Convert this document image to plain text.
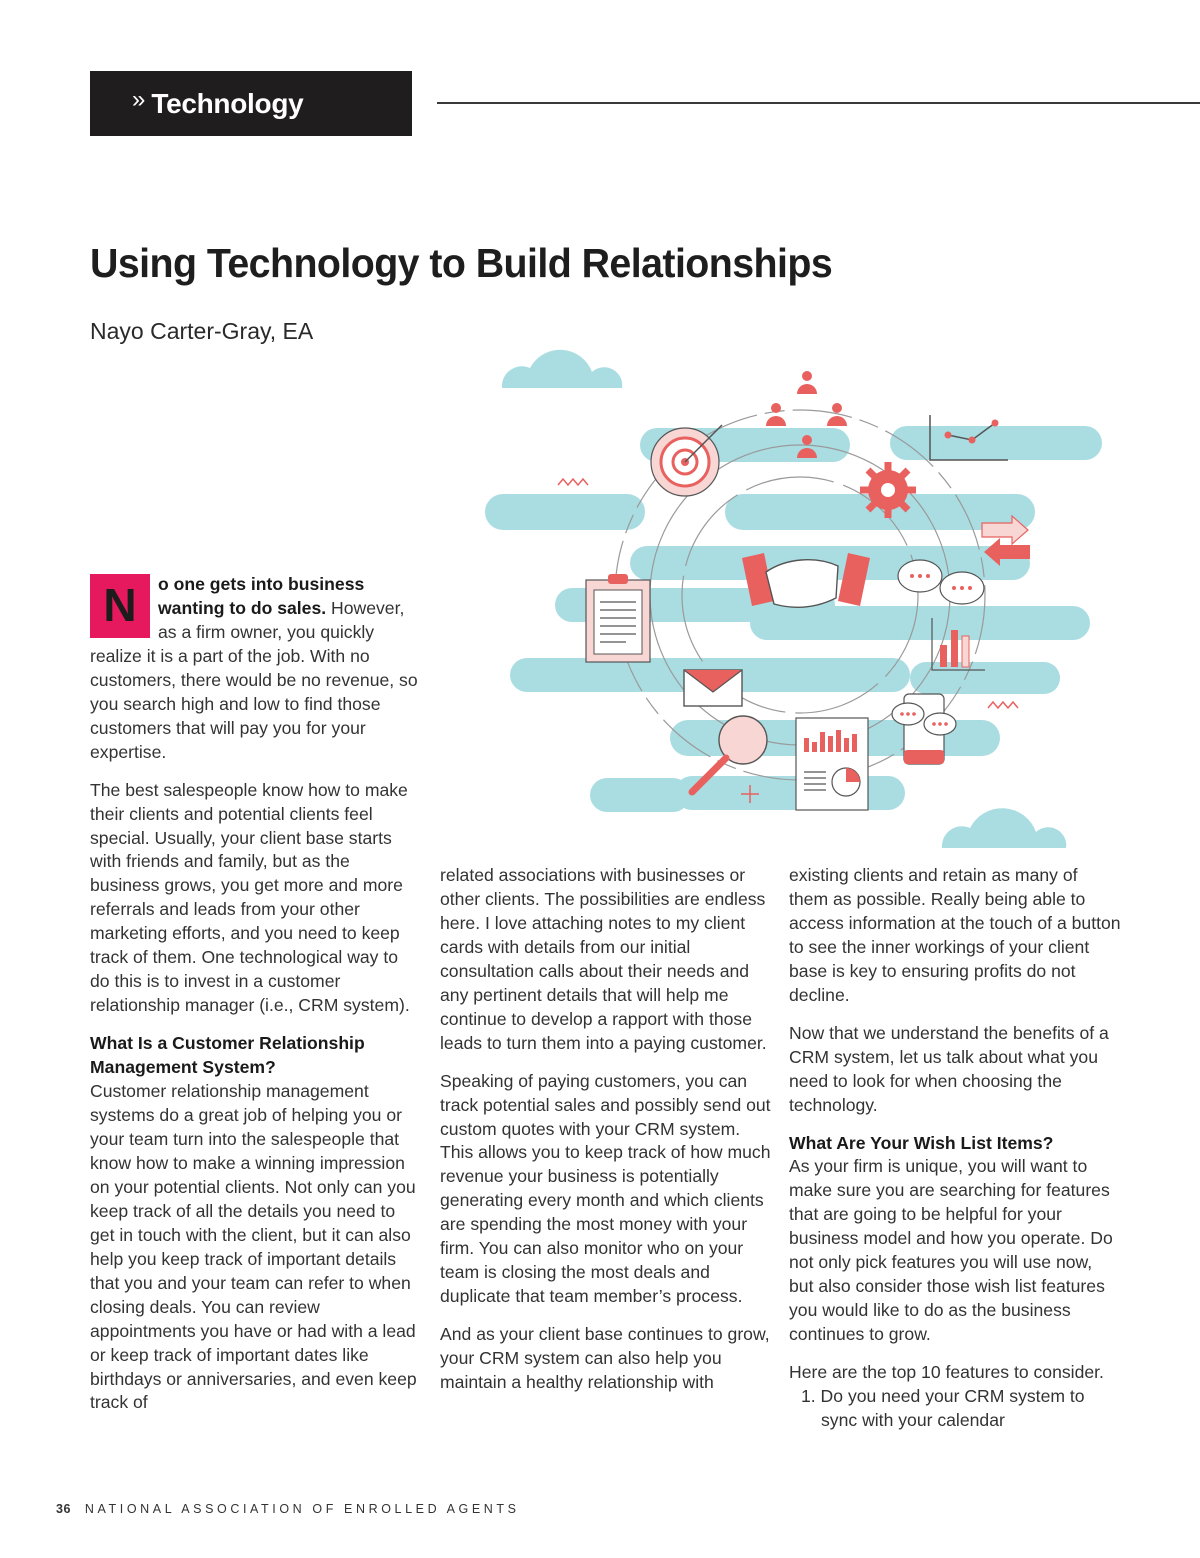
» Technology
Using Technology to Build Relationships
Nayo Carter-Gray, EA

N	o one gets into business wanting to do sales. However, as a firm owner, you quickly realize it is a part of the job. With no customers, there would be no revenue, so you search high and low to find those customers that will pay you for your expertise.

The best salespeople know how to make their clients and potential clients feel special. Usually, your client base starts with friends and family, but as the business grows, you get more and more referrals and leads from your other marketing efforts, and you need to keep track of them. One technological way to do this is to invest in a customer relationship manager (i.e., CRM system).

What Is a Customer Relationship Management System?

Customer relationship management systems do a great job of helping you or your team turn into the salespeople that know how to make a winning impression on your potential clients. Not only can you keep track of all the details you need to get in touch with the client, but it can also help you keep track of important details that you and your team can refer to when closing deals. You can review appointments you have or had with a lead or keep track of important dates like birthdays or anniversaries, and even keep track of

related associations with businesses or other clients. The possibilities are endless here. I love attaching notes to my client cards with details from our initial consultation calls about their needs and any pertinent details that will help me continue to develop a rapport with those leads to turn them into a paying customer.

Speaking of paying customers, you can track potential sales and possibly send out custom quotes with your CRM system. This allows you to keep track of how much revenue your business is potentially generating every month and which clients are spending the most money with your firm. You can also monitor who on your team is closing the most deals and duplicate that team member’s process.

And as your client base continues to grow, your CRM system can also help you maintain a healthy relationship with

existing clients and retain as many of them as possible. Really being able to access information at the touch of a button to see the inner workings of your client base is key to ensuring profits do not decline.

Now that we understand the benefits of a CRM system, let us talk about what you need to look for when choosing the technology.

What Are Your Wish List Items?

As your firm is unique, you will want to make sure you are searching for features that are going to be helpful for your business model and how you operate. Do not only pick features you will use now, but also consider those wish list features you would like to do as the business continues to grow.

Here are the top 10 features to consider.

1. Do you need your CRM system to sync with your calendar
36 NATIONAL ASSOCIATION OF ENROLLED AGENTS
